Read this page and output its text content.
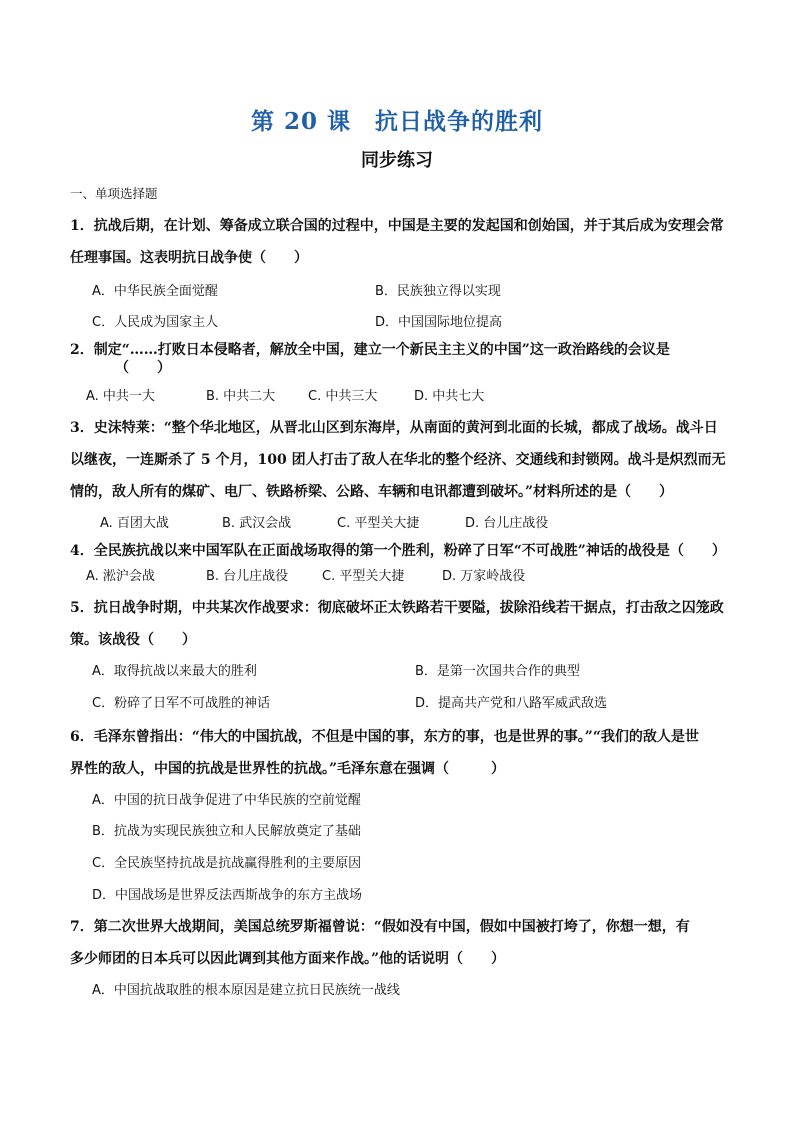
第 20 课　抗日战争的胜利
同步练习
一、单项选择题
1．抗战后期，在计划、筹备成立联合国的过程中，中国是主要的发起国和创始国，并于其后成为安理会常
任理事国。这表明抗日战争使（　　）
A．中华民族全面觉醒	B．民族独立得以实现
C．人民成为国家主人	D．中国国际地位提高
2．制定“……打败日本侵略者，解放全中国，建立一个新民主主义的中国”这一政治路线的会议是
（　　）
A. 中共一大	B. 中共二大	C. 中共三大	D. 中共七大
3．史沫特莱：“整个华北地区，从晋北山区到东海岸，从南面的黄河到北面的长城，都成了战场。战斗日
以继夜，一连厮杀了 5 个月，100 团人打击了敌人在华北的整个经济、交通线和封锁网。战斗是炽烈而无
情的，敌人所有的煤矿、电厂、铁路桥梁、公路、车辆和电讯都遭到破坏。”材料所述的是（　　）
A. 百团大战	B. 武汉会战	C. 平型关大捷	D. 台儿庄战役
4．全民族抗战以来中国军队在正面战场取得的第一个胜利，粉碎了日军“不可战胜”神话的战役是（　　）
A. 淞沪会战	B. 台儿庄战役	C. 平型关大捷	D. 万家岭战役
5．抗日战争时期，中共某次作战要求：彻底破坏正太铁路若干要隘，拔除沿线若干据点，打击敌之囚笼政
策。该战役（　　）
A．取得抗战以来最大的胜利	B．是第一次国共合作的典型
C．粉碎了日军不可战胜的神话	D．提高共产党和八路军威武敌选
6．毛泽东曾指出：“伟大的中国抗战，不但是中国的事，东方的事，也是世界的事。”“我们的敌人是世
界性的敌人，中国的抗战是世界性的抗战。”毛泽东意在强调（　　　）
A．中国的抗日战争促进了中华民族的空前觉醒
B．抗战为实现民族独立和人民解放奠定了基础
C．全民族坚持抗战是抗战赢得胜利的主要原因
D．中国战场是世界反法西斯战争的东方主战场
7．第二次世界大战期间，美国总统罗斯福曾说：“假如没有中国，假如中国被打垮了，你想一想，有
多少师团的日本兵可以因此调到其他方面来作战。”他的话说明（　　）
A．中国抗战取胜的根本原因是建立抗日民族统一战线
